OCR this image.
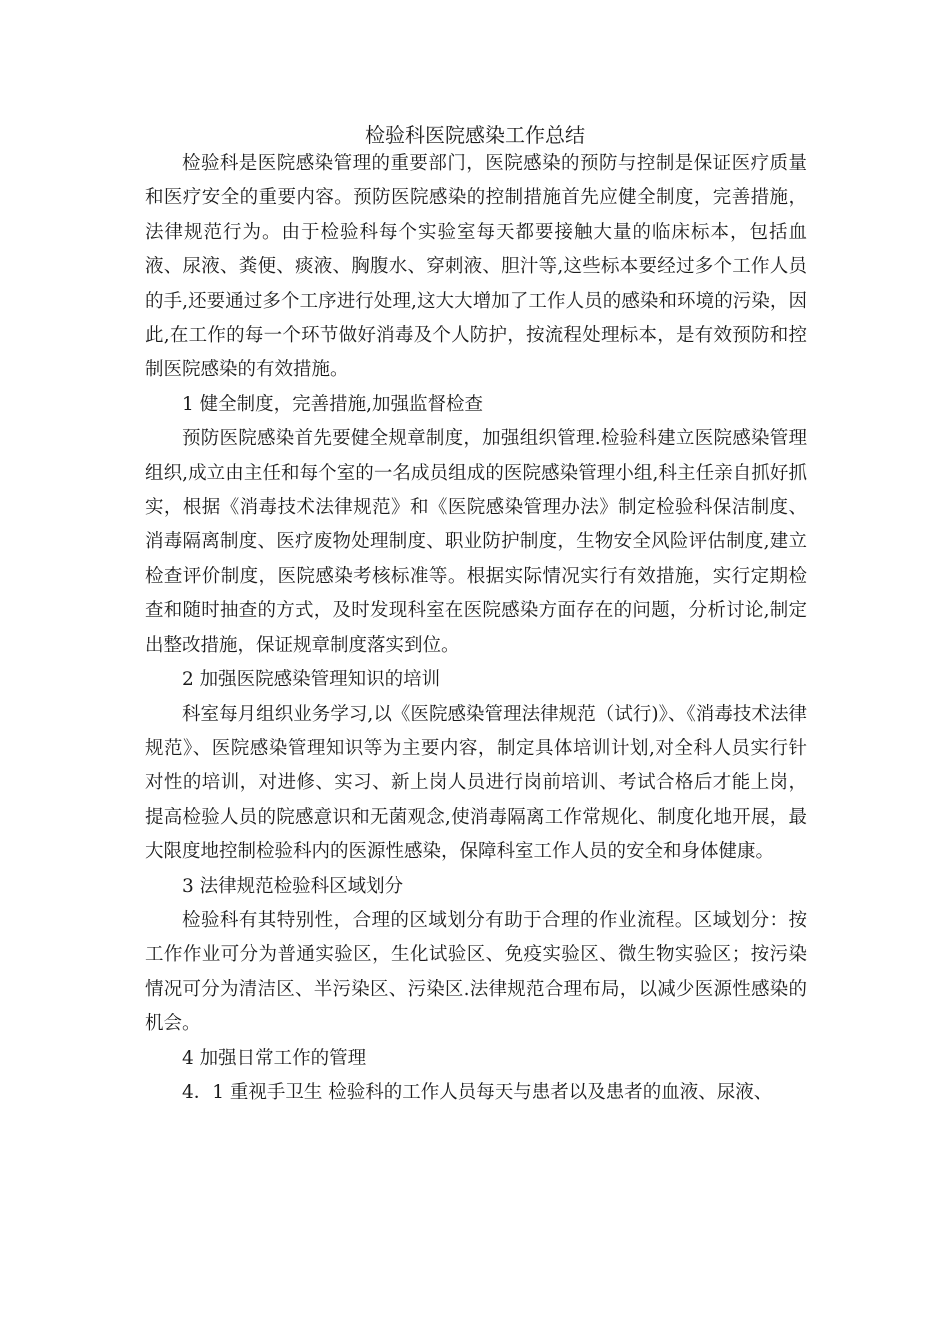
检验科医院感染工作总结

检验科是医院感染管理的重要部门，医院感染的预防与控制是保证医疗质量和医疗安全的重要内容。预防医院感染的控制措施首先应健全制度，完善措施，法律规范行为。由于检验科每个实验室每天都要接触大量的临床标本，包括血液、尿液、粪便、痰液、胸腹水、穿刺液、胆汁等,这些标本要经过多个工作人员的手,还要通过多个工序进行处理,这大大增加了工作人员的感染和环境的污染，因此,在工作的每一个环节做好消毒及个人防护，按流程处理标本，是有效预防和控制医院感染的有效措施。

1 健全制度，完善措施,加强监督检查

预防医院感染首先要健全规章制度，加强组织管理.检验科建立医院感染管理组织,成立由主任和每个室的一名成员组成的医院感染管理小组,科主任亲自抓好抓实，根据《消毒技术法律规范》和《医院感染管理办法》制定检验科保洁制度、消毒隔离制度、医疗废物处理制度、职业防护制度，生物安全风险评估制度,建立检查评价制度，医院感染考核标准等。根据实际情况实行有效措施，实行定期检查和随时抽查的方式，及时发现科室在医院感染方面存在的问题，分析讨论,制定出整改措施，保证规章制度落实到位。

2 加强医院感染管理知识的培训

科室每月组织业务学习,以《医院感染管理法律规范（试行)》、《消毒技术法律规范》、医院感染管理知识等为主要内容，制定具体培训计划,对全科人员实行针对性的培训，对进修、实习、新上岗人员进行岗前培训、考试合格后才能上岗，提高检验人员的院感意识和无菌观念,使消毒隔离工作常规化、制度化地开展，最大限度地控制检验科内的医源性感染，保障科室工作人员的安全和身体健康。

3 法律规范检验科区域划分

检验科有其特别性，合理的区域划分有助于合理的作业流程。区域划分：按工作作业可分为普通实验区，生化试验区、免疫实验区、微生物实验区；按污染情况可分为清洁区、半污染区、污染区.法律规范合理布局，以减少医源性感染的机会。

4 加强日常工作的管理

4．1 重视手卫生 检验科的工作人员每天与患者以及患者的血液、尿液、
